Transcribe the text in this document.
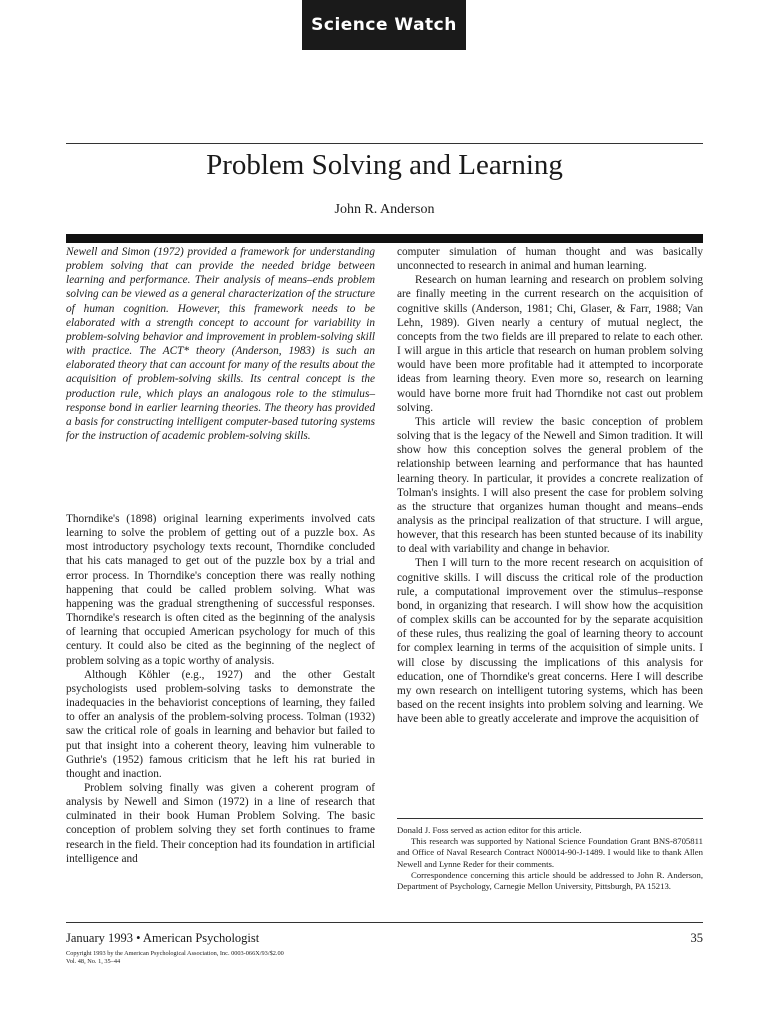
Science Watch
Problem Solving and Learning
John R. Anderson

Newell and Simon (1972) provided a framework for understanding problem solving that can provide the needed bridge between learning and performance. Their analysis of means–ends problem solving can be viewed as a general characterization of the structure of human cognition. However, this framework needs to be elaborated with a strength concept to account for variability in problem-solving behavior and improvement in problem-solving skill with practice. The ACT* theory (Anderson, 1983) is such an elaborated theory that can account for many of the results about the acquisition of problem-solving skills. Its central concept is the production rule, which plays an analogous role to the stimulus–response bond in earlier learning theories. The theory has provided a basis for constructing intelligent computer-based tutoring systems for the instruction of academic problem-solving skills.

Thorndike's (1898) original learning experiments involved cats learning to solve the problem of getting out of a puzzle box. As most introductory psychology texts recount, Thorndike concluded that his cats managed to get out of the puzzle box by a trial and error process. In Thorndike's conception there was really nothing happening that could be called problem solving. What was happening was the gradual strengthening of successful responses. Thorndike's research is often cited as the beginning of the analysis of learning that occupied American psychology for much of this century. It could also be cited as the beginning of the neglect of problem solving as a topic worthy of analysis.

Although Köhler (e.g., 1927) and the other Gestalt psychologists used problem-solving tasks to demonstrate the inadequacies in the behaviorist conceptions of learning, they failed to offer an analysis of the problem-solving process. Tolman (1932) saw the critical role of goals in learning and behavior but failed to put that insight into a coherent theory, leaving him vulnerable to Guthrie's (1952) famous criticism that he left his rat buried in thought and inaction.

Problem solving finally was given a coherent program of analysis by Newell and Simon (1972) in a line of research that culminated in their book Human Problem Solving. The basic conception of problem solving they set forth continues to frame research in the field. Their conception had its foundation in artificial intelligence and

computer simulation of human thought and was basically unconnected to research in animal and human learning.

Research on human learning and research on problem solving are finally meeting in the current research on the acquisition of cognitive skills (Anderson, 1981; Chi, Glaser, & Farr, 1988; Van Lehn, 1989). Given nearly a century of mutual neglect, the concepts from the two fields are ill prepared to relate to each other. I will argue in this article that research on human problem solving would have been more profitable had it attempted to incorporate ideas from learning theory. Even more so, research on learning would have borne more fruit had Thorndike not cast out problem solving.

This article will review the basic conception of problem solving that is the legacy of the Newell and Simon tradition. It will show how this conception solves the general problem of the relationship between learning and performance that has haunted learning theory. In particular, it provides a concrete realization of Tolman's insights. I will also present the case for problem solving as the structure that organizes human thought and means–ends analysis as the principal realization of that structure. I will argue, however, that this research has been stunted because of its inability to deal with variability and change in behavior.

Then I will turn to the more recent research on acquisition of cognitive skills. I will discuss the critical role of the production rule, a computational improvement over the stimulus–response bond, in organizing that research. I will show how the acquisition of complex skills can be accounted for by the separate acquisition of these rules, thus realizing the goal of learning theory to account for complex learning in terms of the acquisition of simple units. I will close by discussing the implications of this analysis for education, one of Thorndike's great concerns. Here I will describe my own research on intelligent tutoring systems, which has been based on the recent insights into problem solving and learning. We have been able to greatly accelerate and improve the acquisition of

Donald J. Foss served as action editor for this article.

This research was supported by National Science Foundation Grant BNS-8705811 and Office of Naval Research Contract N00014-90-J-1489. I would like to thank Allen Newell and Lynne Reder for their comments.

Correspondence concerning this article should be addressed to John R. Anderson, Department of Psychology, Carnegie Mellon University, Pittsburgh, PA 15213.

January 1993 • American Psychologist	35
Copyright 1993 by the American Psychological Association, Inc. 0003-066X/93/$2.00
Vol. 48, No. 1, 35–44
